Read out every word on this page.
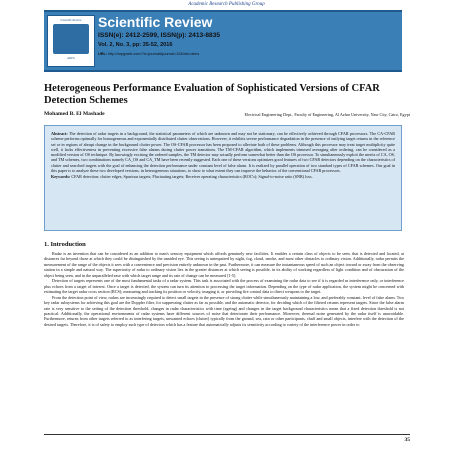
Academic Research Publishing Group
Scientific Review
ARPG
Scientific Review
ISSN(e): 2412-2599, ISSN(p): 2413-8835
Vol. 2, No. 3, pp: 35-52, 2016
URL: http://arpgweb.com/?ic=journal&journal=10&info=aims
Heterogeneous Performance Evaluation of Sophisticated Versions of CFAR Detection Schemes
Mohamed B. El Mashade	Electrical Engineering Dept., Faculty of Engineering, Al Azhar University, Nasr City, Cairo, Egypt
Abstract: The detection of radar targets in a background, the statistical parameters of which are unknown and may not be stationary, can be effectively achieved through CFAR processors. The CA-CFAR scheme performs optimally for homogeneous and exponentially distributed clutter observations. However, it exhibits severe performance degradation in the presence of outlying target returns in the reference set or in regions of abrupt change in the background clutter power. The OS-CFAR processor has been proposed to alleviate both of these problems. Although this processor may treat target multiplicity quite well, it lacks effectiveness in preventing excessive false alarms during clutter power transitions. The TM-CFAR algorithm, which implements trimmed averaging after ordering, can be considered as a modified version of OS technique. By knowingly excising the ordered samples, the TM detector may actually perform somewhat better than the OS processor. To simultaneously exploit the merits of CA, OS, and TM schemes, two combinations namely CA_OS and CA_TM have been recently suggested. Each one of these versions optimizes good features of two CFAR detectors depending on the characteristics of clutter and searched targets with the goal of enhancing the detection performance under constant level of false alarm. It is realized by parallel operation of two standard types of CFAR schemes. Our goal in this paper is to analyze these two developed versions, in heterogeneous situations, to show to what extent they can improve the behavior of the conventional CFAR processors.
Keywords: CFAR detection; clutter edges; Spurious targets; Fluctuating targets; Receiver operating characteristics (ROC's); Signal-to-noise ratio (SNR) loss.
1. Introduction

Radar is an invention that can be considered as an addition to man's sensory equipment which affords genuinely new facilities. It enables a certain class of objects to be seen, that is detected and located, at distances far beyond those at which they could be distinguished by the unaided eye. This seeing is unimpaired by night, fog, cloud, smoke, and most other obstacles to ordinary vision. Additionally, radar permits the measurement of the range of the objects it sees with a convenience and precision entirely unknown in the past. Furthermore, it can measure the instantaneous speed of such an object toward or away from the observing station in a simple and natural way. The superiority of radar to ordinary vision lies in the greater distances at which seeing is possible, in its ability of working regardless of light condition and of obscuration of the object being seen, and in the unparalleled ease with which target range and its rate of change can be measured [1-5].

Detection of targets represents one of the most fundamental tasks of a radar system. This task is associated with the process of examining the radar data to see if it is regarded as interference only, or interference plus echoes from a target of interest. Once a target is detected, the system can turn its attention to processing the target information. Depending on the type of radar application, the system might be concerned with estimating the target radar cross section (RCS); measuring and tracking its position or velocity, imaging it, or providing fire control data to direct weapons to the target.

From the detection point of view, radars are increasingly required to detect small targets in the presence of strong clutter while simultaneously maintaining a low, and preferably constant, level of false alarm. Two key radar subsystems for achieving this goal are the Doppler filter, for suppressing clutter as far as possible, and the automatic detector, for deciding which of the filtered returns represent targets. Since the false alarm rate is very sensitive to the setting of the detection threshold, changes in radar characteristics with time (ageing) and changes in the target background characteristics mean that a fixed detection threshold is not practical. Additionally, the operational environments of radar systems have different sources of noise that deteriorate their performance. Moreover, thermal noise generated by the radar itself is unavoidable. Furthermore, returns from other targets referred to as interfering targets, unwanted echoes (clutter) typically from the ground, sea, rain or other participants, chaff and small objects, interfere with the detection of the desired targets. Therefore, it is of safety to employ such type of detectors which has a feature that automatically adjusts its sensitivity according to variety of the interference power in order to

35
